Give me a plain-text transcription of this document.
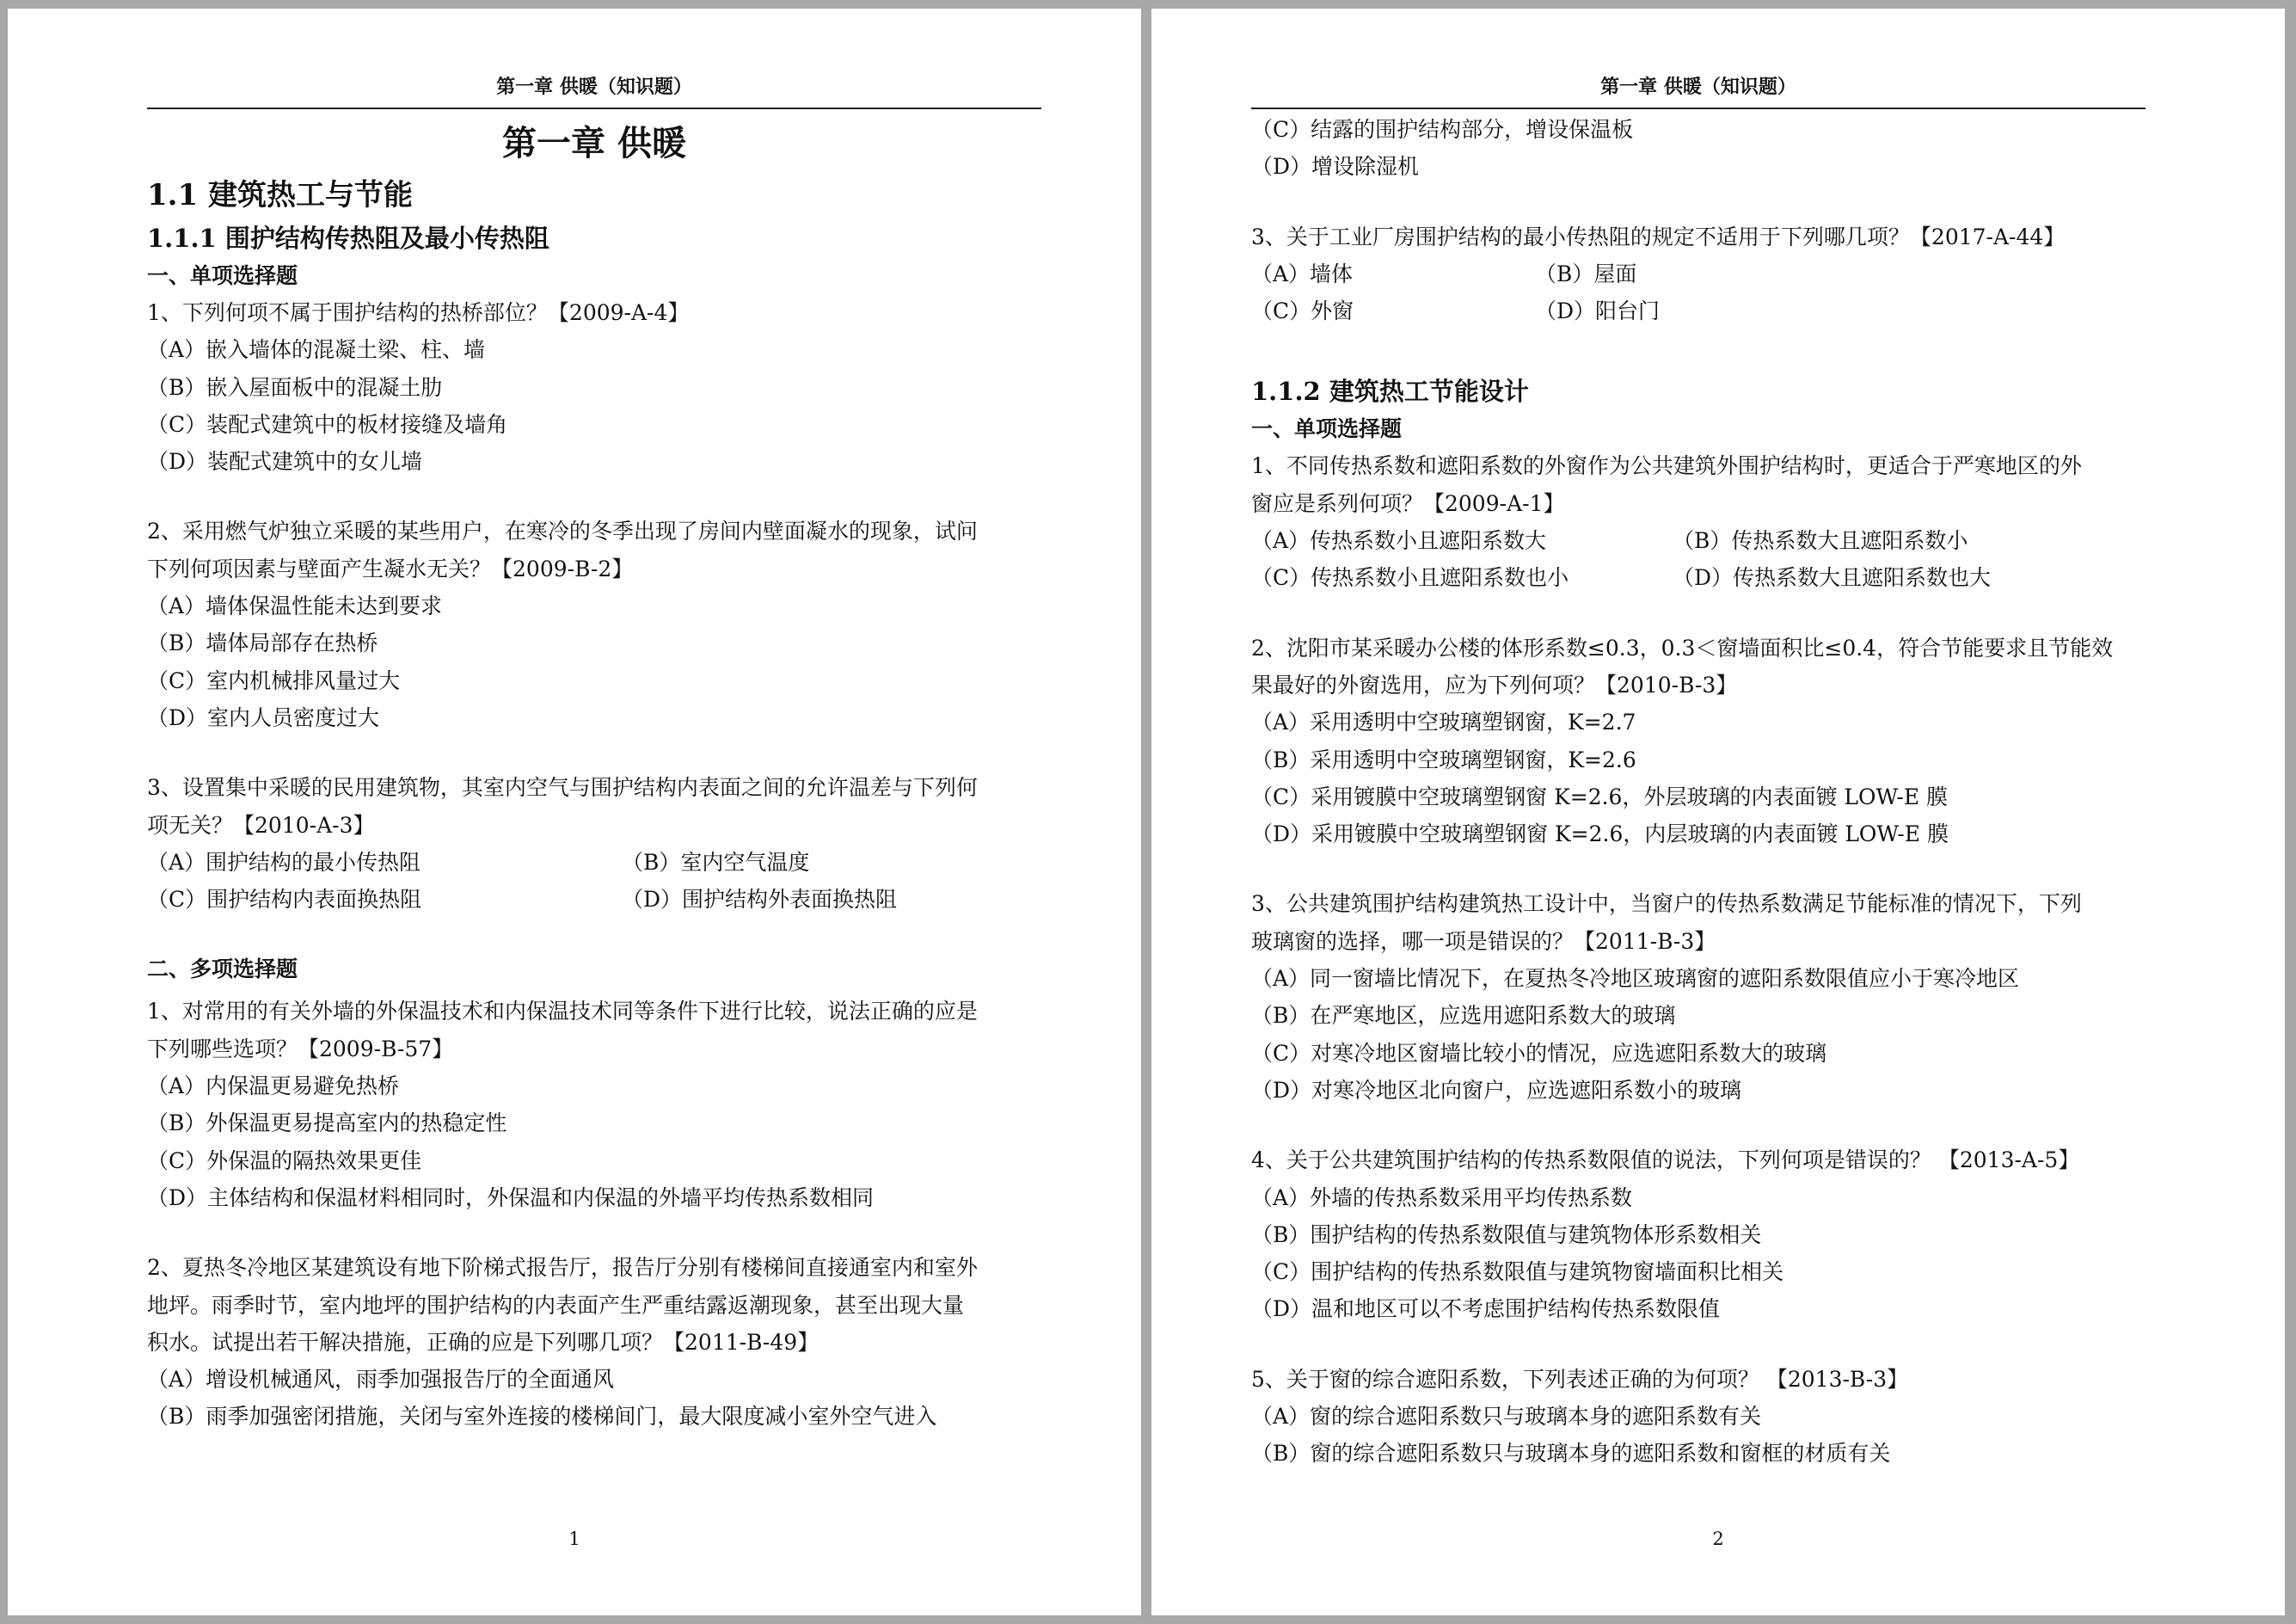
第一章 供暖（知识题）
第一章 供暖
1.1 建筑热工与节能
1.1.1 围护结构传热阻及最小传热阻
一、单项选择题
1、下列何项不属于围护结构的热桥部位？【2009-A-4】
（A）嵌入墙体的混凝土梁、柱、墙
（B）嵌入屋面板中的混凝土肋
（C）装配式建筑中的板材接缝及墙角
（D）装配式建筑中的女儿墙
2、采用燃气炉独立采暖的某些用户，在寒冷的冬季出现了房间内壁面凝水的现象，试问
下列何项因素与壁面产生凝水无关？【2009-B-2】
（A）墙体保温性能未达到要求
（B）墙体局部存在热桥
（C）室内机械排风量过大
（D）室内人员密度过大
3、设置集中采暖的民用建筑物，其室内空气与围护结构内表面之间的允许温差与下列何
项无关？【2010-A-3】
（A）围护结构的最小传热阻	（B）室内空气温度
（C）围护结构内表面换热阻	（D）围护结构外表面换热阻
二、多项选择题
1、对常用的有关外墙的外保温技术和内保温技术同等条件下进行比较，说法正确的应是
下列哪些选项？【2009-B-57】
（A）内保温更易避免热桥
（B）外保温更易提高室内的热稳定性
（C）外保温的隔热效果更佳
（D）主体结构和保温材料相同时，外保温和内保温的外墙平均传热系数相同
2、夏热冬冷地区某建筑设有地下阶梯式报告厅，报告厅分别有楼梯间直接通室内和室外
地坪。雨季时节，室内地坪的围护结构的内表面产生严重结露返潮现象，甚至出现大量
积水。试提出若干解决措施，正确的应是下列哪几项？【2011-B-49】
（A）增设机械通风，雨季加强报告厅的全面通风
（B）雨季加强密闭措施，关闭与室外连接的楼梯间门，最大限度减小室外空气进入
1
第一章 供暖（知识题）
（C）结露的围护结构部分，增设保温板
（D）增设除湿机
3、关于工业厂房围护结构的最小传热阻的规定不适用于下列哪几项？【2017-A-44】
（A）墙体	（B）屋面
（C）外窗	（D）阳台门
1.1.2 建筑热工节能设计
一、单项选择题
1、不同传热系数和遮阳系数的外窗作为公共建筑外围护结构时，更适合于严寒地区的外
窗应是系列何项？【2009-A-1】
（A）传热系数小且遮阳系数大	（B）传热系数大且遮阳系数小
（C）传热系数小且遮阳系数也小	（D）传热系数大且遮阳系数也大
2、沈阳市某采暖办公楼的体形系数≤0.3，0.3＜窗墙面积比≤0.4，符合节能要求且节能效
果最好的外窗选用，应为下列何项？【2010-B-3】
（A）采用透明中空玻璃塑钢窗，K=2.7
（B）采用透明中空玻璃塑钢窗，K=2.6
（C）采用镀膜中空玻璃塑钢窗 K=2.6，外层玻璃的内表面镀 LOW-E 膜
（D）采用镀膜中空玻璃塑钢窗 K=2.6，内层玻璃的内表面镀 LOW-E 膜
3、公共建筑围护结构建筑热工设计中，当窗户的传热系数满足节能标准的情况下，下列
玻璃窗的选择，哪一项是错误的？【2011-B-3】
（A）同一窗墙比情况下，在夏热冬冷地区玻璃窗的遮阳系数限值应小于寒冷地区
（B）在严寒地区，应选用遮阳系数大的玻璃
（C）对寒冷地区窗墙比较小的情况，应选遮阳系数大的玻璃
（D）对寒冷地区北向窗户，应选遮阳系数小的玻璃
4、关于公共建筑围护结构的传热系数限值的说法，下列何项是错误的？ 【2013-A-5】
（A）外墙的传热系数采用平均传热系数
（B）围护结构的传热系数限值与建筑物体形系数相关
（C）围护结构的传热系数限值与建筑物窗墙面积比相关
（D）温和地区可以不考虑围护结构传热系数限值
5、关于窗的综合遮阳系数，下列表述正确的为何项？ 【2013-B-3】
（A）窗的综合遮阳系数只与玻璃本身的遮阳系数有关
（B）窗的综合遮阳系数只与玻璃本身的遮阳系数和窗框的材质有关
2
